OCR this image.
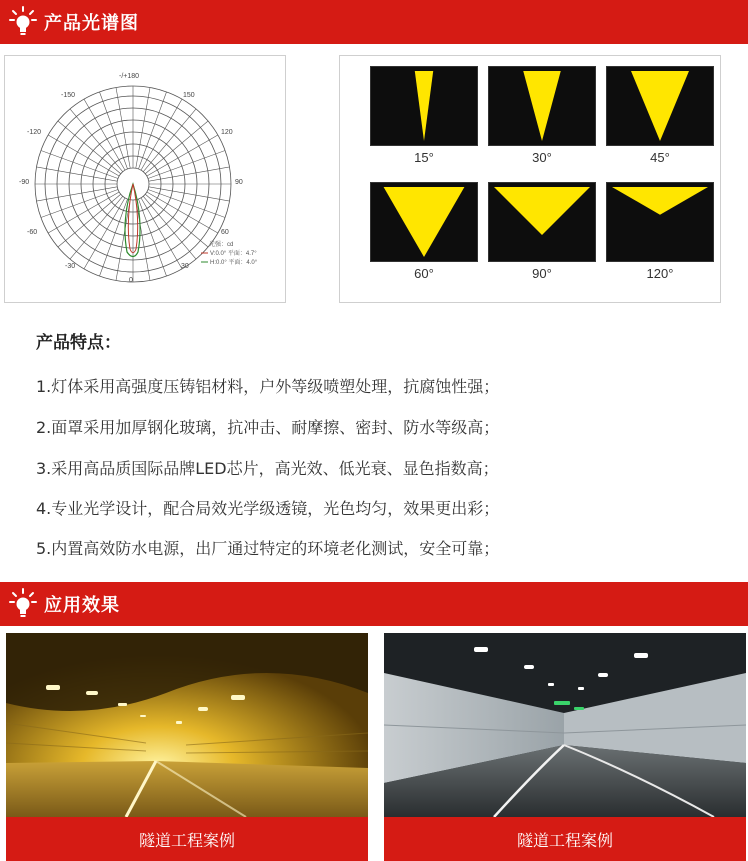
产品光谱图
-/+180
-150	150
-120	120
-90	90
-60	60
-30	30
0
光强：cd
V:0.0° 平面：4.7°
H:0.0° 平面：4.0°
15°	30°	45°
60°	90°	120°
产品特点：
1.灯体采用高强度压铸铝材料，户外等级喷塑处理，抗腐蚀性强；
2.面罩采用加厚钢化玻璃，抗冲击、耐摩擦、密封、防水等级高；
3.采用高品质国际品牌LED芯片，高光效、低光衰、显色指数高；
4.专业光学设计，配合局效光学级透镜，光色均匀，效果更出彩；
5.内置高效防水电源，出厂通过特定的环境老化测试，安全可靠；
应用效果
隧道工程案例	隧道工程案例
